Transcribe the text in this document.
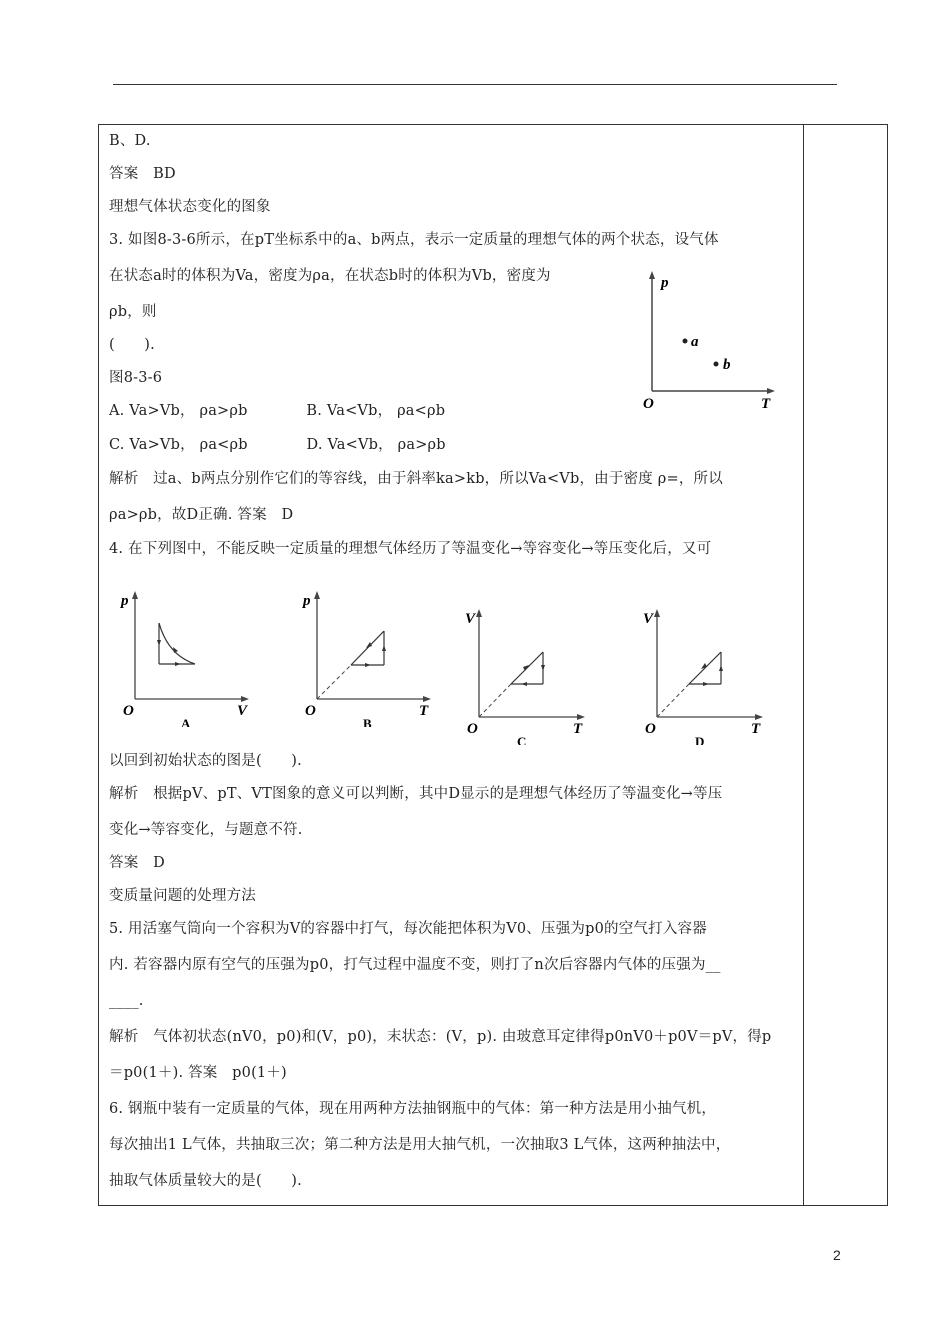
B、D.
答案　BD
理想气体状态变化的图象
3. 如图8-3-6所示，在pT坐标系中的a、b两点，表示一定质量的理想气体的两个状态，设气体
在状态a时的体积为Va，密度为ρa，在状态b时的体积为Vb，密度为
ρb，则
(　　).
图8-3-6
A. Va>Vb， ρa>ρb　　　　B. Va<Vb， ρa<ρb
C. Va>Vb， ρa<ρb　　　　D. Va<Vb， ρa>ρb
解析　过a、b两点分别作它们的等容线，由于斜率ka>kb，所以Va<Vb，由于密度 ρ=，所以
ρa>ρb，故D正确. 答案　D
4. 在下列图中，不能反映一定质量的理想气体经历了等温变化→等容变化→等压变化后，又可
p
a
b
O	T
p
O	V
A
p
O	T
B
V
O	T
C
V
O	T
D
以回到初始状态的图是(　　).
解析　根据pV、pT、VT图象的意义可以判断，其中D显示的是理想气体经历了等温变化→等压
变化→等容变化，与题意不符.
答案　D
变质量问题的处理方法
5. 用活塞气筒向一个容积为V的容器中打气，每次能把体积为V0、压强为p0的空气打入容器
内. 若容器内原有空气的压强为p0，打气过程中温度不变，则打了n次后容器内气体的压强为__
____.
解析　气体初状态(nV0，p0)和(V，p0)，末状态：(V，p). 由玻意耳定律得p0nV0＋p0V＝pV，得p
＝p0(1＋). 答案　p0(1＋)
6. 钢瓶中装有一定质量的气体，现在用两种方法抽钢瓶中的气体：第一种方法是用小抽气机，
每次抽出1 L气体，共抽取三次；第二种方法是用大抽气机，一次抽取3 L气体，这两种抽法中，
抽取气体质量较大的是(　　).
2
